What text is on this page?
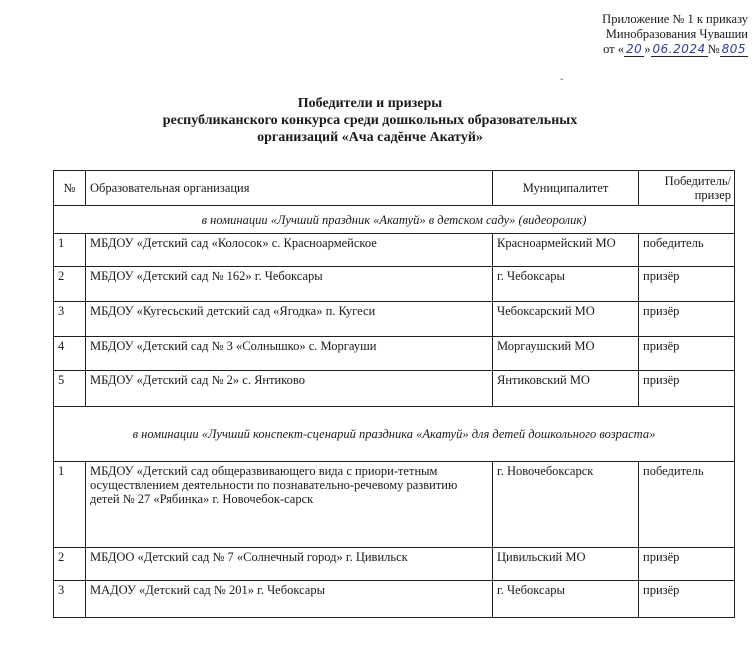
Приложение № 1 к приказу
Минобразования Чувашии
от « 20 » 06.2024 № 805
ˇ
Победители и призеры
республиканского конкурса среди дошкольных образовательных
организаций «Ача садĕнче Акатуй»
№	Образовательная организация	Муниципалитет	Победитель/ призер
в номинации «Лучший праздник «Акатуй» в детском саду» (видеоролик)			
1	МБДОУ «Детский сад «Колосок» с. Красноармейское	Красноармейский МО	победитель
2	МБДОУ «Детский сад № 162» г. Чебоксары	г. Чебоксары	призёр
3	МБДОУ «Кугесьский детский сад «Ягодка» п. Кугеси	Чебоксарский МО	призёр
4	МБДОУ «Детский сад № 3 «Солнышко» с. Моргауши	Моргаушский МО	призёр
5	МБДОУ «Детский сад № 2» с. Янтиково	Янтиковский МО	призёр
в номинации «Лучший конспект-сценарий праздника «Акатуй» для детей дошкольного возраста»			
1	МБДОУ «Детский сад общеразвивающего вида с приори-тетным осуществлением деятельности по познавательно-речевому развитию детей № 27 «Рябинка» г. Новочебок-сарск	г. Новочебоксарск	победитель
2	МБДОО «Детский сад № 7 «Солнечный город» г. Цивильск	Цивильский МО	призёр
3	МАДОУ «Детский сад № 201» г. Чебоксары	г. Чебоксары	призёр
